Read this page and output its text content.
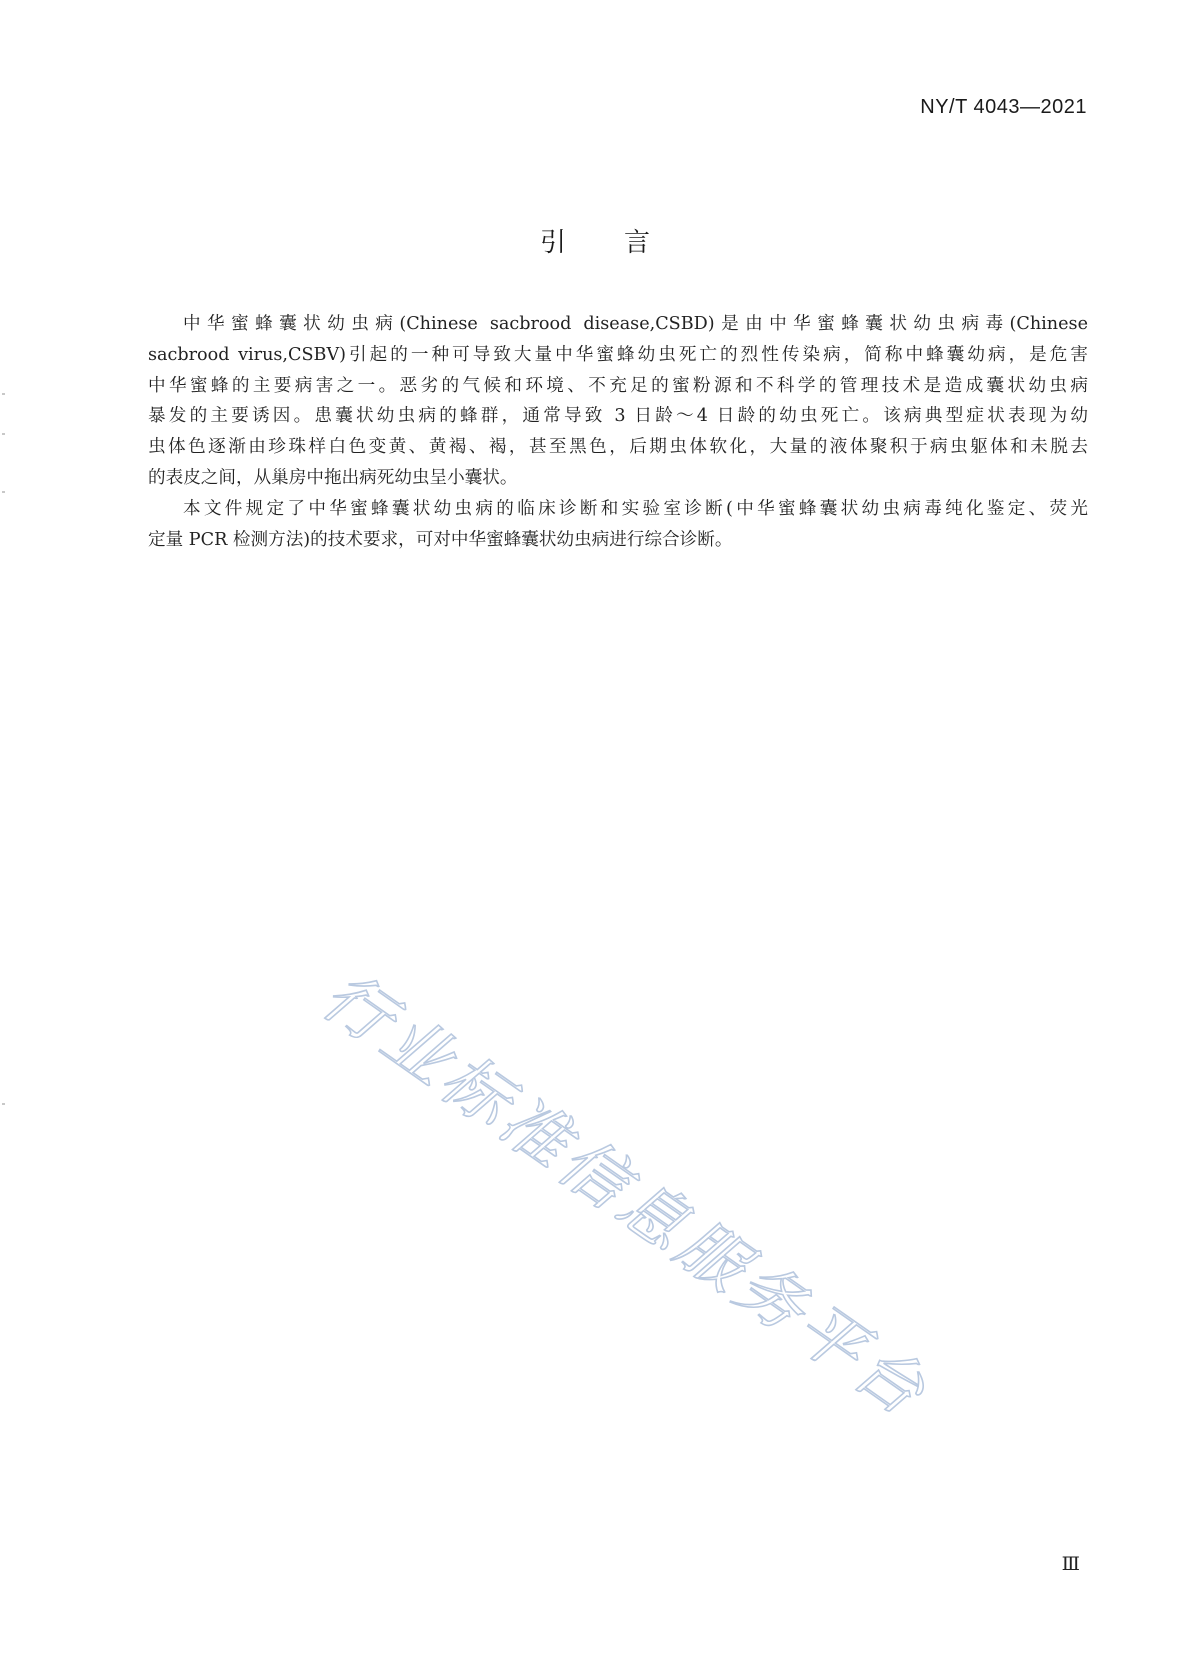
NY/T 4043—2021
引言
中华蜜蜂囊状幼虫病(Chinese sacbrood disease,CSBD)是由中华蜜蜂囊状幼虫病毒(Chinese
sacbrood virus,CSBV)引起的一种可导致大量中华蜜蜂幼虫死亡的烈性传染病，简称中蜂囊幼病，是危害
中华蜜蜂的主要病害之一。恶劣的气候和环境、不充足的蜜粉源和不科学的管理技术是造成囊状幼虫病
暴发的主要诱因。患囊状幼虫病的蜂群，通常导致 3 日龄～4 日龄的幼虫死亡。该病典型症状表现为幼
虫体色逐渐由珍珠样白色变黄、黄褐、褐，甚至黑色，后期虫体软化，大量的液体聚积于病虫躯体和未脱去
的表皮之间，从巢房中拖出病死幼虫呈小囊状。
本文件规定了中华蜜蜂囊状幼虫病的临床诊断和实验室诊断(中华蜜蜂囊状幼虫病毒纯化鉴定、荧光
定量 PCR 检测方法)的技术要求，可对中华蜜蜂囊状幼虫病进行综合诊断。
行业标准信息服务平台
Ⅲ
